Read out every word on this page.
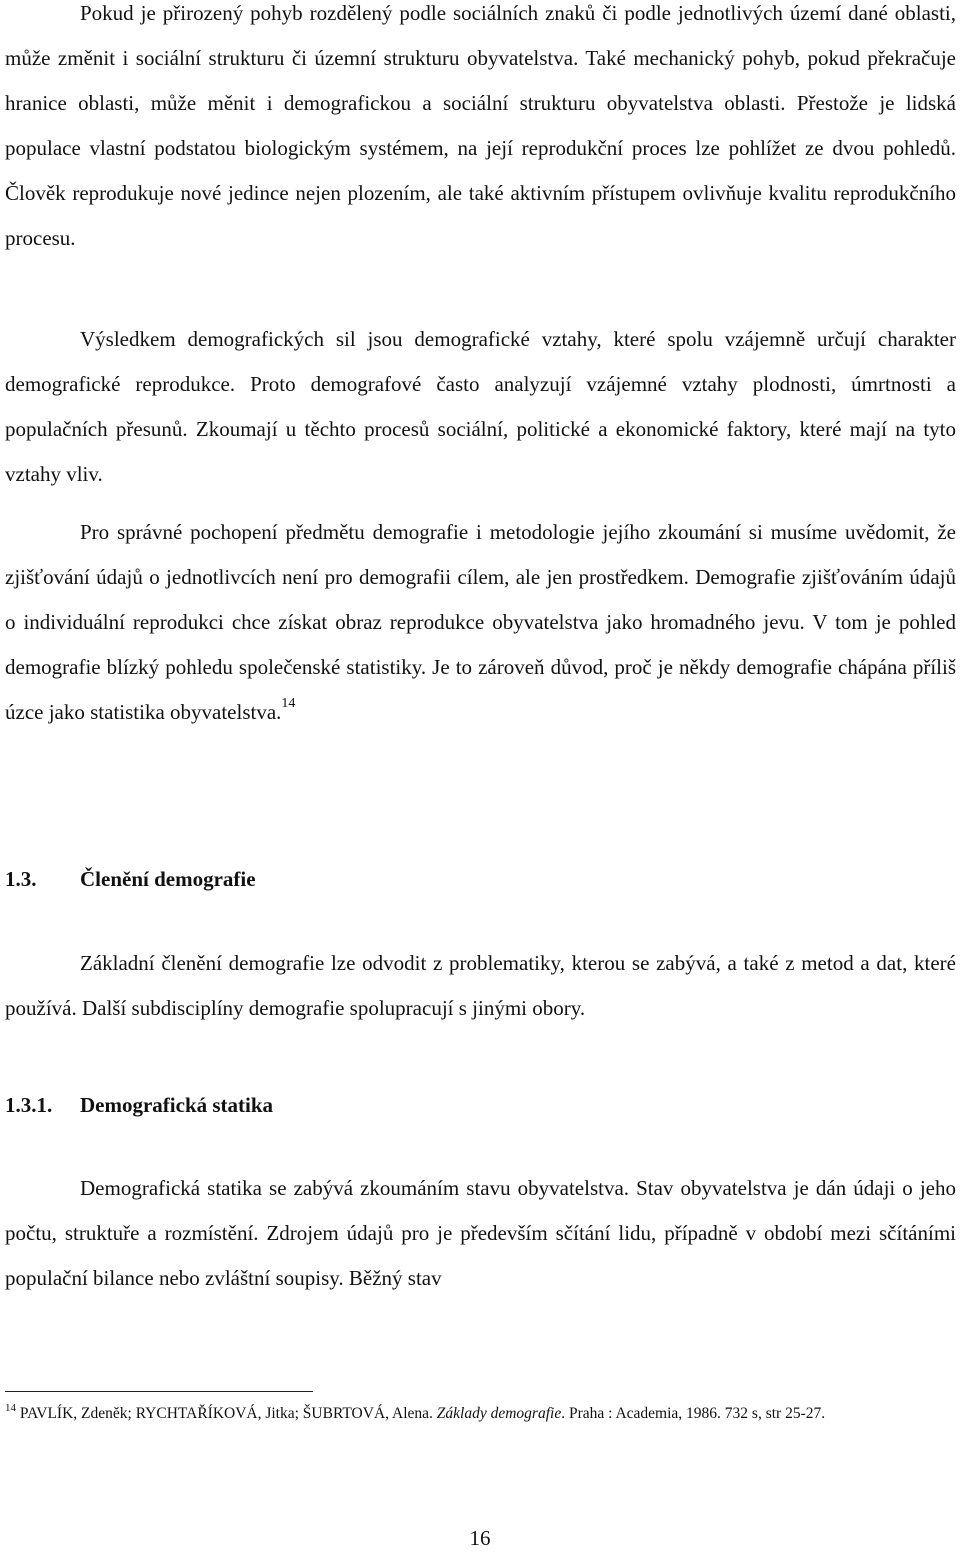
Pokud je přirozený pohyb rozdělený podle sociálních znaků či podle jednotlivých území dané oblasti, může změnit i sociální strukturu či územní strukturu obyvatelstva. Také mechanický pohyb, pokud překračuje hranice oblasti, může měnit i demografickou a sociální strukturu obyvatelstva oblasti. Přestože je lidská populace vlastní podstatou biologickým systémem, na její reprodukční proces lze pohlížet ze dvou pohledů. Člověk reprodukuje nové jedince nejen plozením, ale také aktivním přístupem ovlivňuje kvalitu reprodukčního procesu.

Výsledkem demografických sil jsou demografické vztahy, které spolu vzájemně určují charakter demografické reprodukce. Proto demografové často analyzují vzájemné vztahy plodnosti, úmrtnosti a populačních přesunů. Zkoumají u těchto procesů sociální, politické a ekonomické faktory, které mají na tyto vztahy vliv.

Pro správné pochopení předmětu demografie i metodologie jejího zkoumání si musíme uvědomit, že zjišťování údajů o jednotlivcích není pro demografii cílem, ale jen prostředkem. Demografie zjišťováním údajů o individuální reprodukci chce získat obraz reprodukce obyvatelstva jako hromadného jevu. V tom je pohled demografie blízký pohledu společenské statistiky. Je to zároveň důvod, proč je někdy demografie chápána příliš úzce jako statistika obyvatelstva.$^{14}$

1.3. Členění demografie

Základní členění demografie lze odvodit z problematiky, kterou se zabývá, a také z metod a dat, které používá. Další subdisciplíny demografie spolupracují s jinými obory.

1.3.1. Demografická statika

Demografická statika se zabývá zkoumáním stavu obyvatelstva. Stav obyvatelstva je dán údaji o jeho počtu, struktuře a rozmístění. Zdrojem údajů pro je především sčítání lidu, případně v období mezi sčítáními populační bilance nebo zvláštní soupisy. Běžný stav

$^{14}$ PAVLÍK, Zdeněk; RYCHTAŘÍKOVÁ, Jitka; ŠUBRTOVÁ, Alena. Základy demografie. Praha : Academia, 1986. 732 s, str 25-27.

16
